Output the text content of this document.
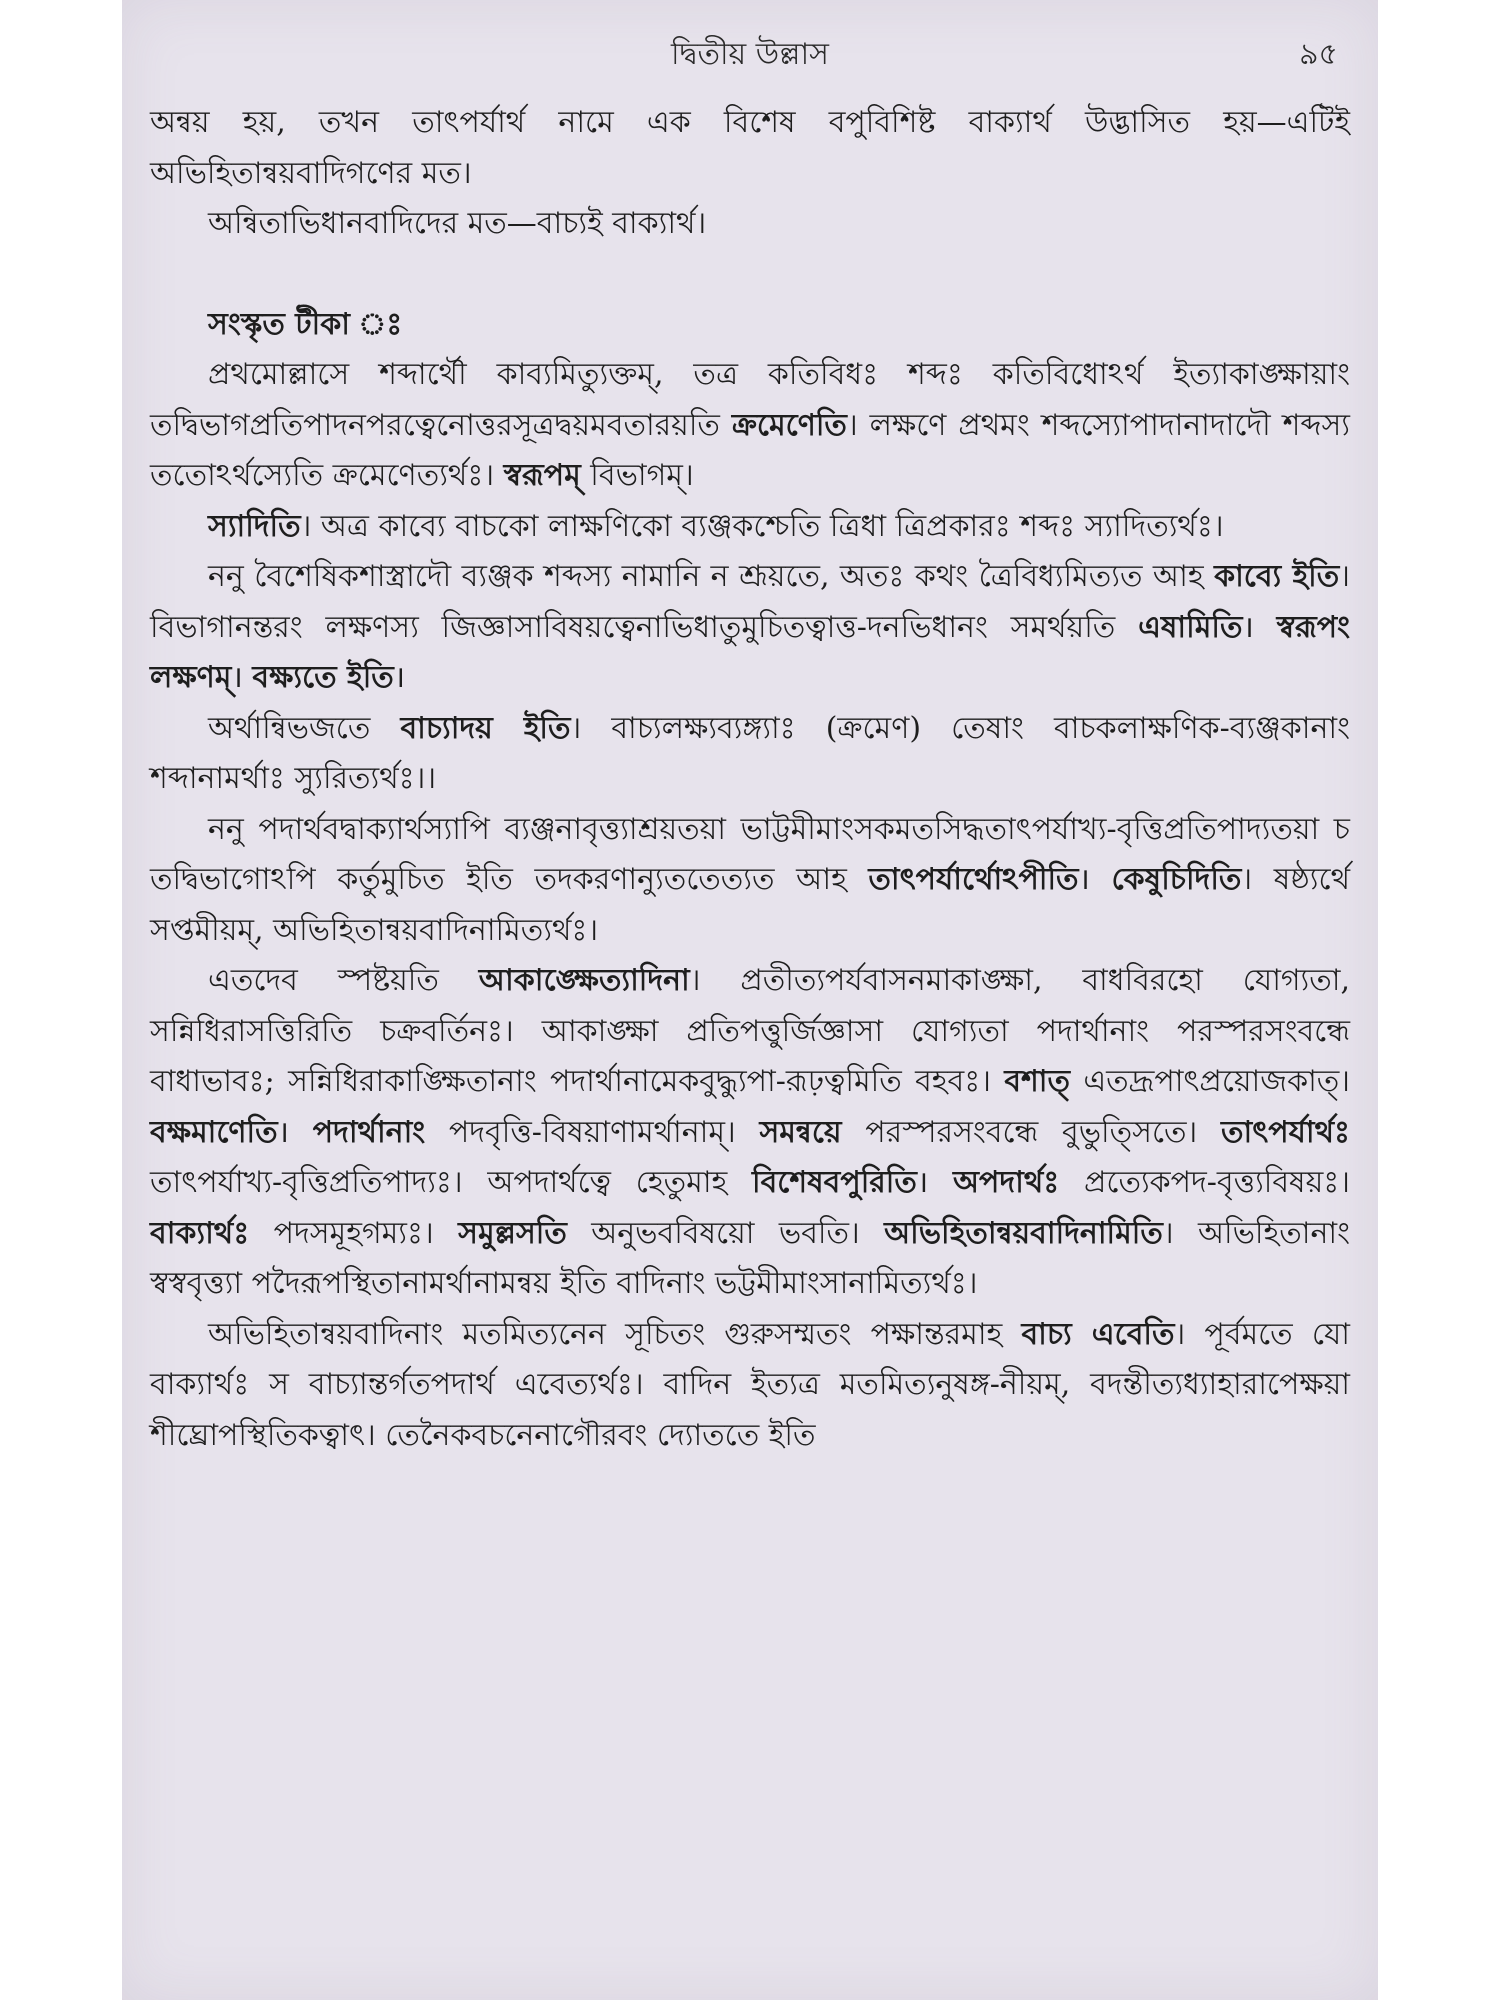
দ্বিতীয় উল্লাস	৯৫

অন্বয় হয়, তখন তাৎপর্যার্থ নামে এক বিশেষ বপুবিশিষ্ট বাক্যার্থ উদ্ভাসিত হয়—এটিই অভিহিতান্বয়বাদিগণের মত।

অন্বিতাভিধানবাদিদের মত—বাচ্যই বাক্যার্থ।

সংস্কৃত টীকা ঃ

প্রথমোল্লাসে শব্দার্থৌ কাব্যমিত্যুক্তম্, তত্র কতিবিধঃ শব্দঃ কতিবিধোঽর্থ ইত্যাকাঙ্ক্ষায়াং তদ্বিভাগপ্রতিপাদনপরত্বেনোত্তরসূত্রদ্বয়মবতারয়তি ক্রমেণেতি। লক্ষণে প্রথমং শব্দস্যোপাদানাদাদৌ শব্দস্য ততোঽর্থস্যেতি ক্রমেণেত্যর্থঃ। স্বরূপম্ বিভাগম্।

স্যাদিতি। অত্র কাব্যে বাচকো লাক্ষণিকো ব্যঞ্জকশ্চেতি ত্রিধা ত্রিপ্রকারঃ শব্দঃ স্যাদিত্যর্থঃ।

ননু বৈশেষিকশাস্ত্রাদৌ ব্যঞ্জক শব্দস্য নামানি ন শ্রূয়তে, অতঃ কথং ত্রৈবিধ্যমিত্যত আহ কাব্যে ইতি। বিভাগানন্তরং লক্ষণস্য জিজ্ঞাসাবিষয়ত্বেনাভিধাতুমুচিতত্বাত্ত-দনভিধানং সমর্থয়তি এষামিতি। স্বরূপং লক্ষণম্। বক্ষ্যতে ইতি।

অর্থান্বিভজতে বাচ্যাদয় ইতি। বাচ্যলক্ষ্যব্যঙ্গ্যাঃ (ক্রমেণ) তেষাং বাচকলাক্ষণিক-ব্যঞ্জকানাং শব্দানামর্থাঃ স্যুরিত্যর্থঃ।।

ননু পদার্থবদ্বাক্যার্থস্যাপি ব্যঞ্জনাবৃত্ত্যাশ্রয়তয়া ভাট্টমীমাংসকমতসিদ্ধতাৎপর্যাখ্য-বৃত্তিপ্রতিপাদ্যতয়া চ তদ্বিভাগোঽপি কর্তুমুচিত ইতি তদকরণান্যুততেত্যত আহ তাৎপর্যার্থোঽপীতি। কেষুচিদিতি। ষষ্ঠ্যর্থে সপ্তমীয়ম্, অভিহিতান্বয়বাদিনামিত্যর্থঃ।

এতদেব স্পষ্টয়তি আকাঙ্ক্ষেত্যাদিনা। প্রতীত্যপর্যবাসনমাকাঙ্ক্ষা, বাধবিরহো যোগ্যতা, সন্নিধিরাসত্তিরিতি চক্রবর্তিনঃ। আকাঙ্ক্ষা প্রতিপত্তুর্জিজ্ঞাসা যোগ্যতা পদার্থানাং পরস্পরসংবন্ধে বাধাভাবঃ; সন্নিধিরাকাঙ্ক্ষিতানাং পদার্থানামেকবুদ্ধ্যুপা-রূঢ়ত্বমিতি বহবঃ। বশাত্ এতদ্রূপাৎপ্রয়োজকাত্। বক্ষমাণেতি। পদার্থানাং পদবৃত্তি-বিষয়াণামর্থানাম্। সমন্বয়ে পরস্পরসংবন্ধে বুভুত্সিতে। তাৎপর্যার্থঃ তাৎপর্যাখ্য-বৃত্তিপ্রতিপাদ্যঃ। অপদার্থত্বে হেতুমাহ বিশেষবপুরিতি। অপদার্থঃ প্রত্যেকপদ-বৃত্ত্যবিষয়ঃ। বাক্যার্থঃ পদসমূহগম্যঃ। সমুল্লসতি অনুভববিষয়ো ভবতি। অভিহিতান্বয়বাদিনামিতি। অভিহিতানাং স্বস্ববৃত্ত্যা পদৈরূপস্থিতানামর্থানামন্বয় ইতি বাদিনাং ভট্টমীমাংসানামিত্যর্থঃ।

অভিহিতান্বয়বাদিনাং মতমিত্যনেন সূচিতং গুরুসম্মতং পক্ষান্তরমাহ বাচ্য এবেতি। পূর্বমতে যো বাক্যার্থঃ স বাচ্যান্তর্গতপদার্থ এবেত্যর্থঃ। বাদিন ইত্যত্র মতমিত্যনুষঙ্গ-নীয়ম্, বদন্তীত্যধ্যাহারাপেক্ষয়া শীঘ্রোপস্থিতিকত্বাৎ। তেনৈকবচনেনাগৌরবং দ্যোততে ইতি
